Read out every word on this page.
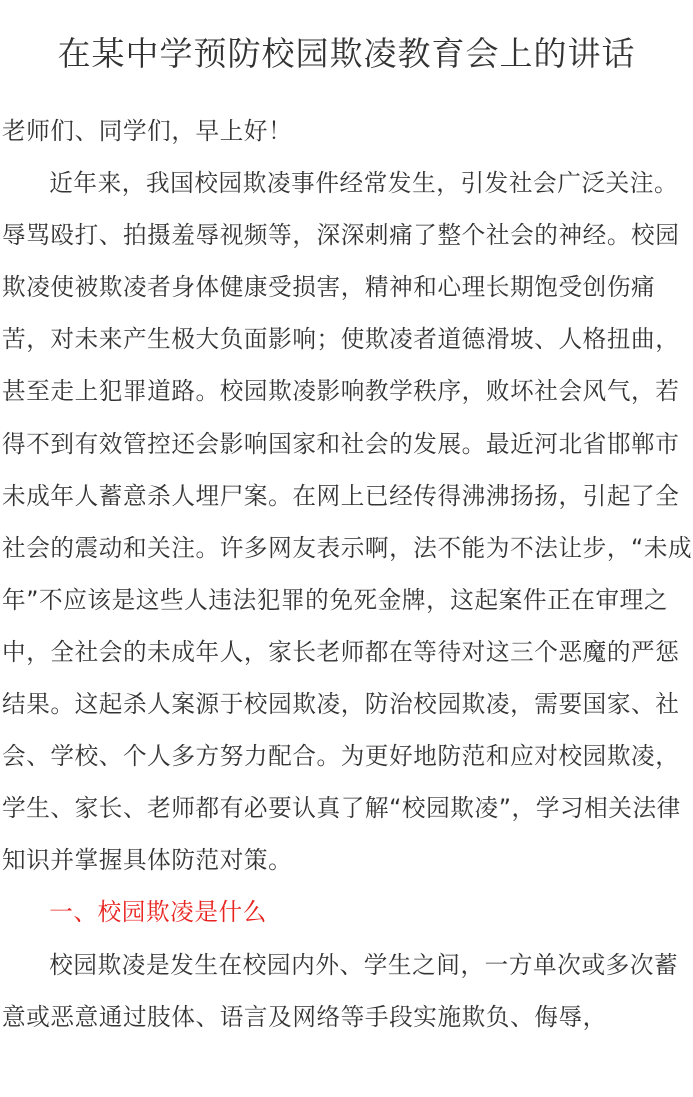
在某中学预防校园欺凌教育会上的讲话

老师们、同学们，早上好！

近年来，我国校园欺凌事件经常发生，引发社会广泛关注。辱骂殴打、拍摄羞辱视频等，深深刺痛了整个社会的神经。校园欺凌使被欺凌者身体健康受损害，精神和心理长期饱受创伤痛苦，对未来产生极大负面影响；使欺凌者道德滑坡、人格扭曲，甚至走上犯罪道路。校园欺凌影响教学秩序，败坏社会风气，若得不到有效管控还会影响国家和社会的发展。最近河北省邯郸市未成年人蓄意杀人埋尸案。在网上已经传得沸沸扬扬，引起了全社会的震动和关注。许多网友表示啊，法不能为不法让步，“未成年”不应该是这些人违法犯罪的免死金牌，这起案件正在审理之中，全社会的未成年人，家长老师都在等待对这三个恶魔的严惩结果。这起杀人案源于校园欺凌，防治校园欺凌，需要国家、社会、学校、个人多方努力配合。为更好地防范和应对校园欺凌，学生、家长、老师都有必要认真了解“校园欺凌”，学习相关法律知识并掌握具体防范对策。

一、校园欺凌是什么

校园欺凌是发生在校园内外、学生之间，一方单次或多次蓄意或恶意通过肢体、语言及网络等手段实施欺负、侮辱，
